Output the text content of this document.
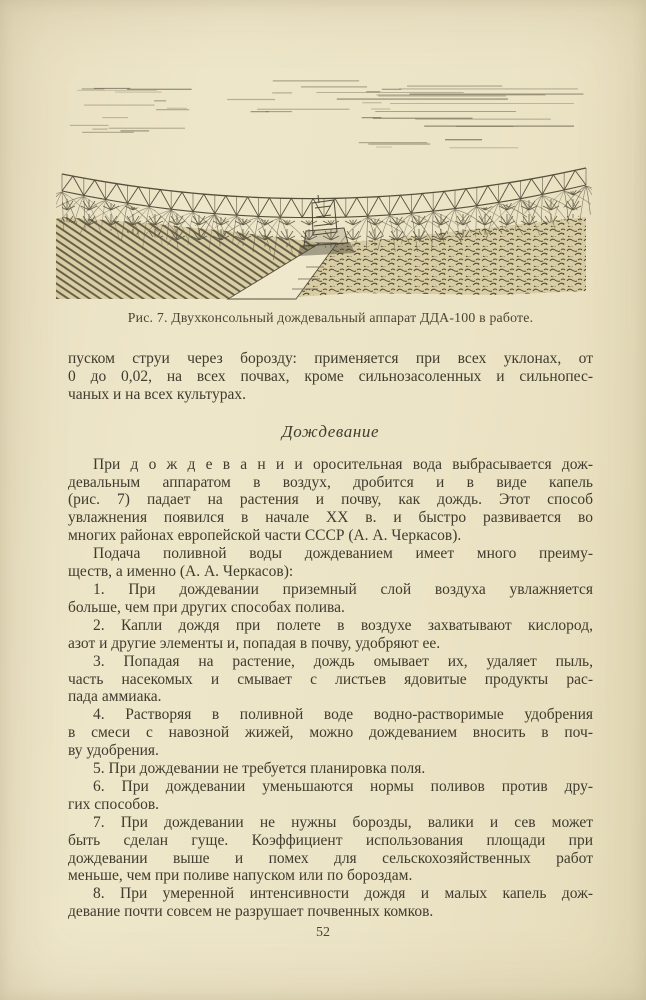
Рис. 7. Двухконсольный дождевальный аппарат ДДА-100 в работе.
пуском струи через борозду: применяется при всех уклонах, от
0 до 0,02, на всех почвах, кроме сильнозасоленных и сильнопес-
чаных и на всех культурах.
Дождевание
При д о ж д е в а н и и оросительная вода выбрасывается дож-
девальным аппаратом в воздух, дробится и в виде капель
(рис. 7) падает на растения и почву, как дождь. Этот способ
увлажнения появился в начале XX в. и быстро развивается во
многих районах европейской части СССР (А. А. Черкасов).
Подача поливной воды дождеванием имеет много преиму-
ществ, а именно (А. А. Черкасов):
1. При дождевании приземный слой воздуха увлажняется
больше, чем при других способах полива.
2. Капли дождя при полете в воздухе захватывают кислород,
азот и другие элементы и, попадая в почву, удобряют ее.
3. Попадая на растение, дождь омывает их, удаляет пыль,
часть насекомых и смывает с листьев ядовитые продукты рас-
пада аммиака.
4. Растворяя в поливной воде водно-растворимые удобрения
в смеси с навозной жижей, можно дождеванием вносить в поч-
ву удобрения.
5. При дождевании не требуется планировка поля.
6. При дождевании уменьшаются нормы поливов против дру-
гих способов.
7. При дождевании не нужны борозды, валики и сев может
быть сделан гуще. Коэффициент использования площади при
дождевании выше и помех для сельскохозяйственных работ
меньше, чем при поливе напуском или по бороздам.
8. При умеренной интенсивности дождя и малых капель дож-
девание почти совсем не разрушает почвенных комков.
52
